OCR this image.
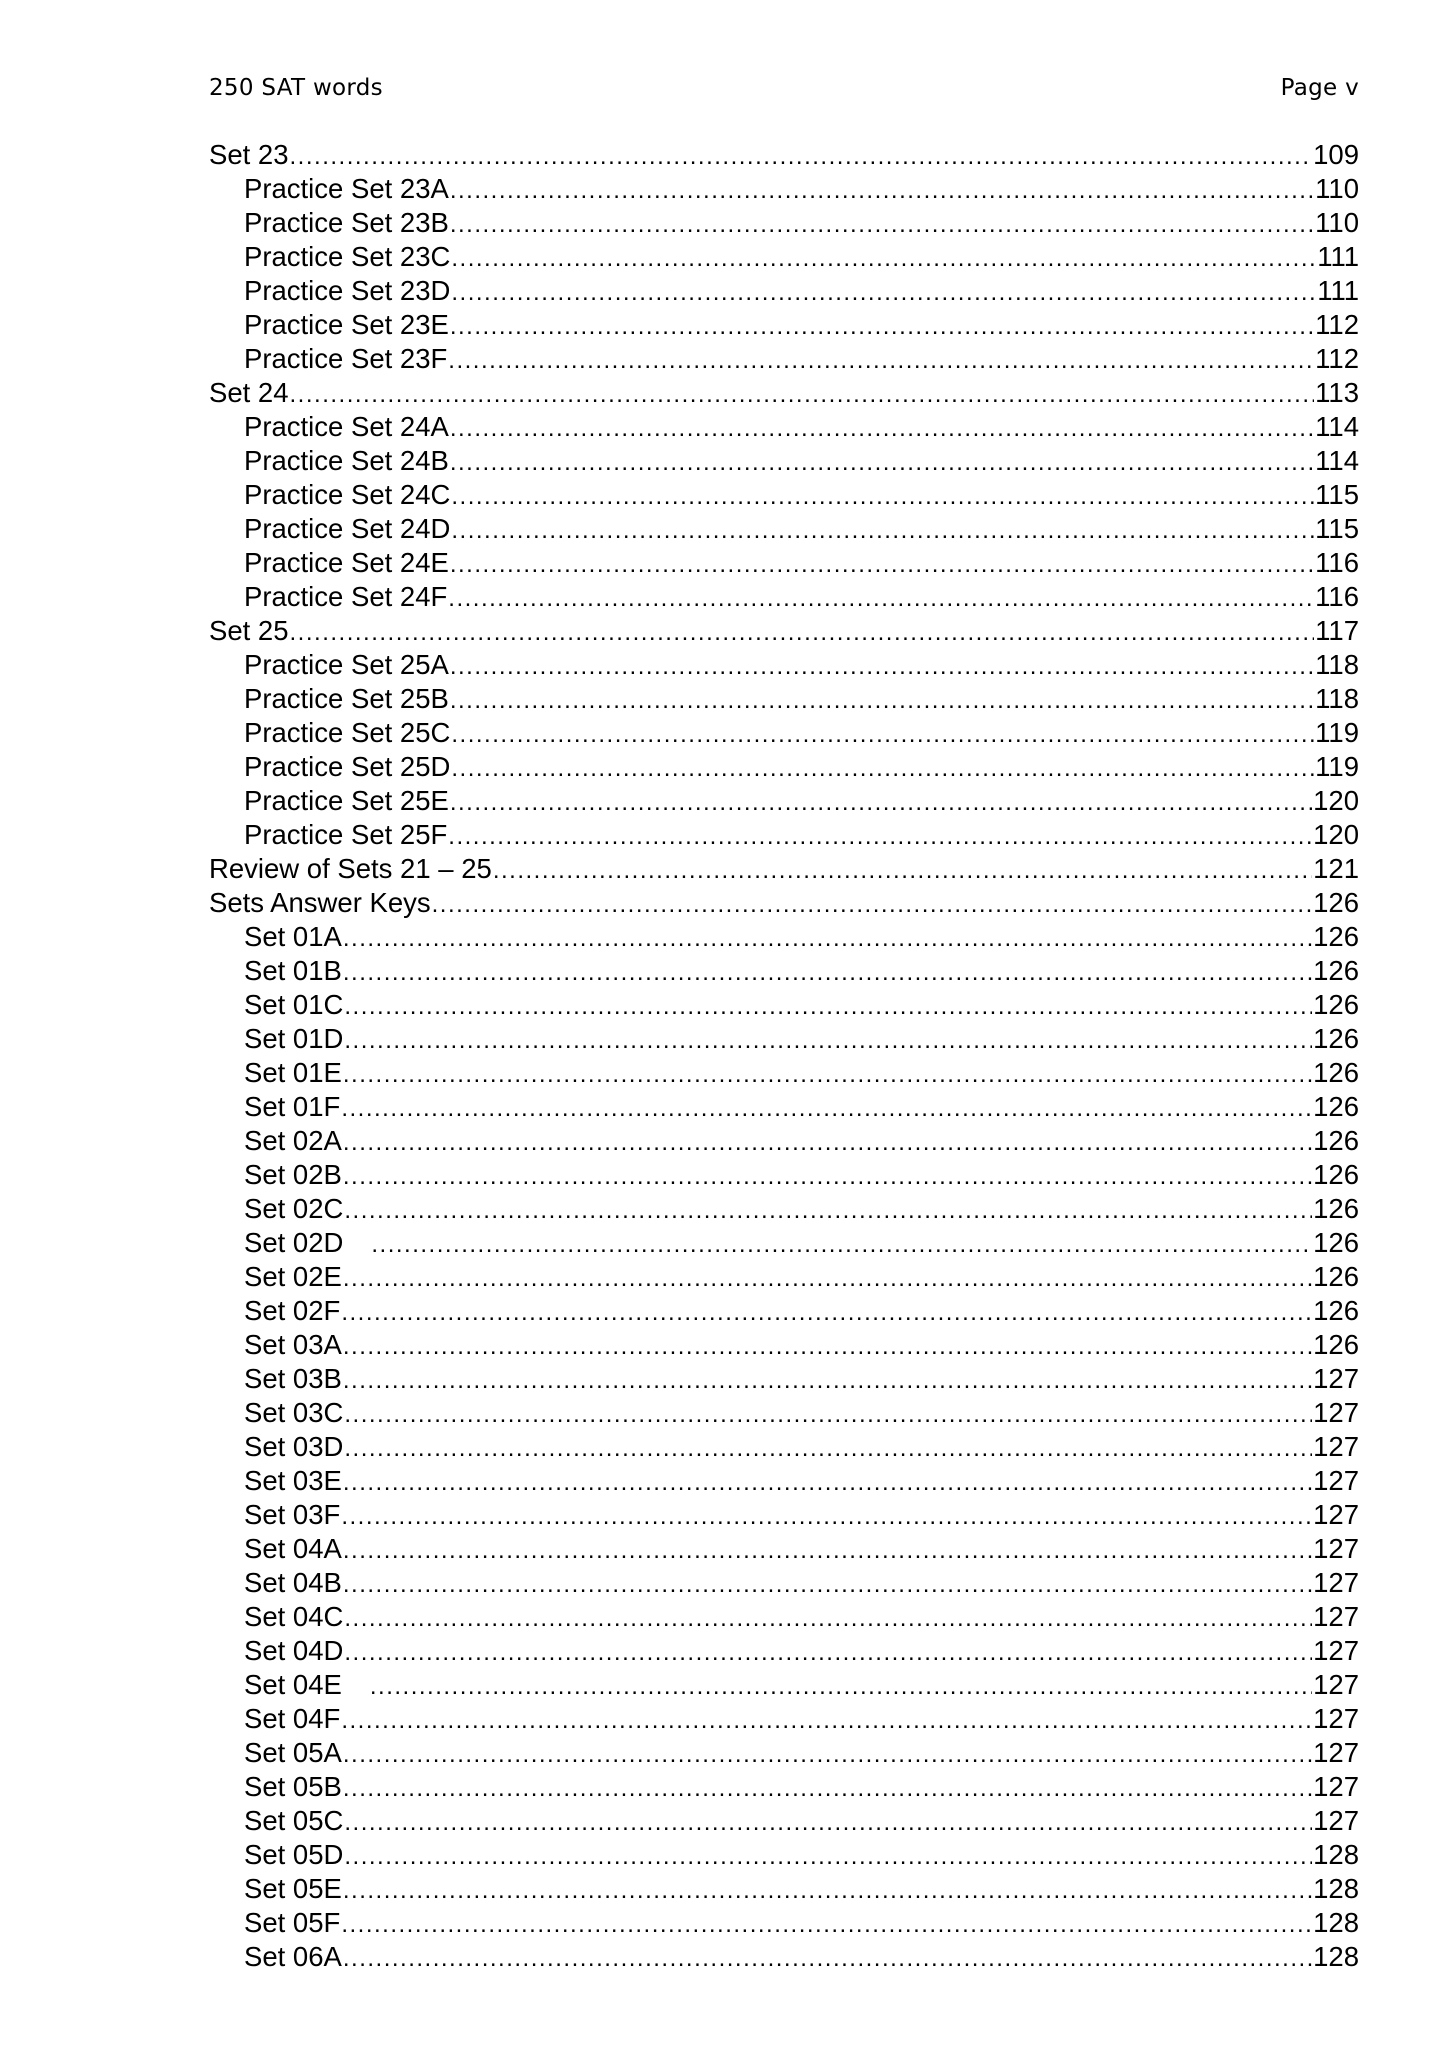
250 SAT words	Page v
Set 23 .....	109
Practice Set 23A .....	110
Practice Set 23B .....	110
Practice Set 23C .....	111
Practice Set 23D .....	111
Practice Set 23E .....	112
Practice Set 23F .....	112
Set 24 .....	113
Practice Set 24A .....	114
Practice Set 24B .....	114
Practice Set 24C .....	115
Practice Set 24D .....	115
Practice Set 24E .....	116
Practice Set 24F .....	116
Set 25 .....	117
Practice Set 25A .....	118
Practice Set 25B .....	118
Practice Set 25C .....	119
Practice Set 25D .....	119
Practice Set 25E .....	120
Practice Set 25F .....	120
Review of Sets 21 – 25 .....	121
Sets Answer Keys .....	126
Set 01A .....	126
Set 01B .....	126
Set 01C .....	126
Set 01D .....	126
Set 01E .....	126
Set 01F .....	126
Set 02A .....	126
Set 02B .....	126
Set 02C .....	126
Set 02D .....	126
Set 02E .....	126
Set 02F .....	126
Set 03A .....	126
Set 03B .....	127
Set 03C .....	127
Set 03D .....	127
Set 03E .....	127
Set 03F .....	127
Set 04A .....	127
Set 04B .....	127
Set 04C .....	127
Set 04D .....	127
Set 04E .....	127
Set 04F .....	127
Set 05A .....	127
Set 05B .....	127
Set 05C .....	127
Set 05D .....	128
Set 05E .....	128
Set 05F .....	128
Set 06A .....	128
